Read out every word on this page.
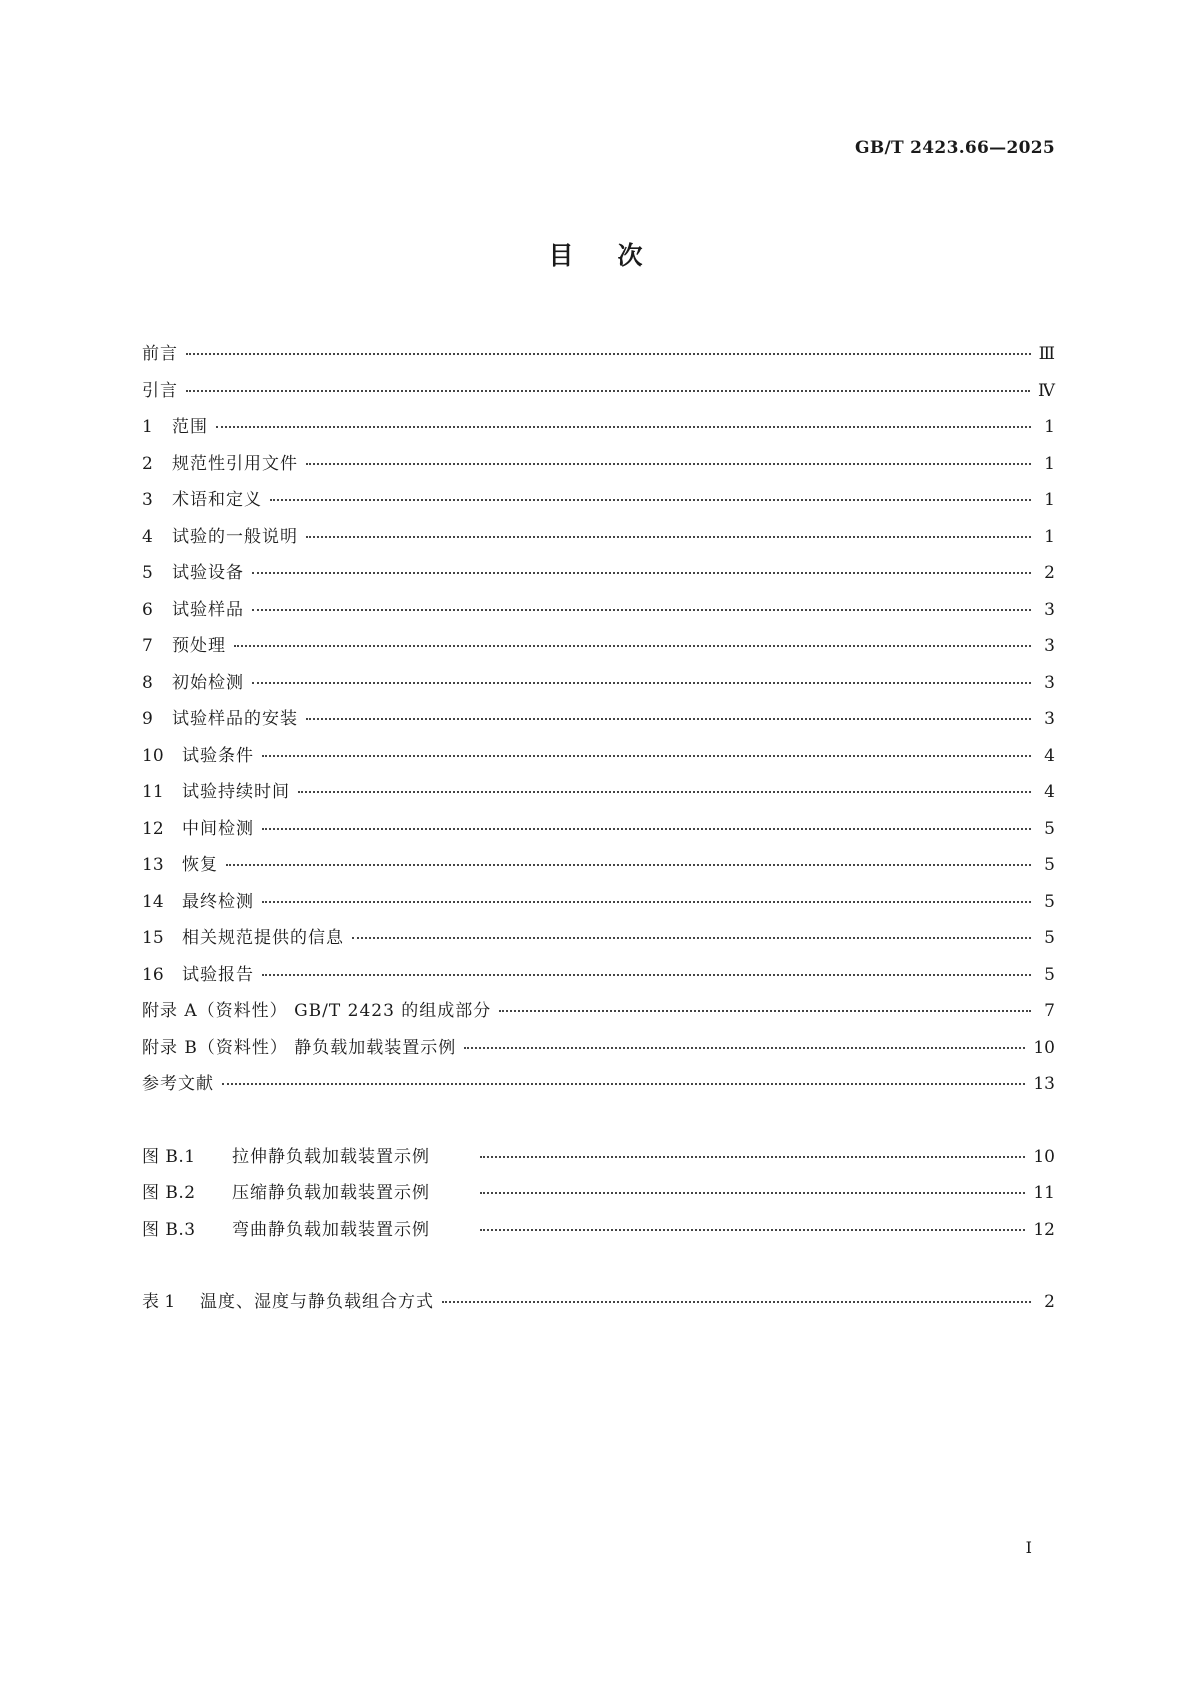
GB/T 2423.66—2025
目次
前言	Ⅲ
引言	Ⅳ
1 范围	1
2 规范性引用文件	1
3 术语和定义	1
4 试验的一般说明	1
5 试验设备	2
6 试验样品	3
7 预处理	3
8 初始检测	3
9 试验样品的安装	3
10 试验条件	4
11 试验持续时间	4
12 中间检测	5
13 恢复	5
14 最终检测	5
15 相关规范提供的信息	5
16 试验报告	5
附录 A（资料性） GB/T 2423 的组成部分	7
附录 B（资料性） 静负载加载装置示例	10
参考文献	13
图 B.1	拉伸静负载加载装置示例	10
图 B.2	压缩静负载加载装置示例	11
图 B.3	弯曲静负载加载装置示例	12
表 1	温度、湿度与静负载组合方式	2
Ⅰ
